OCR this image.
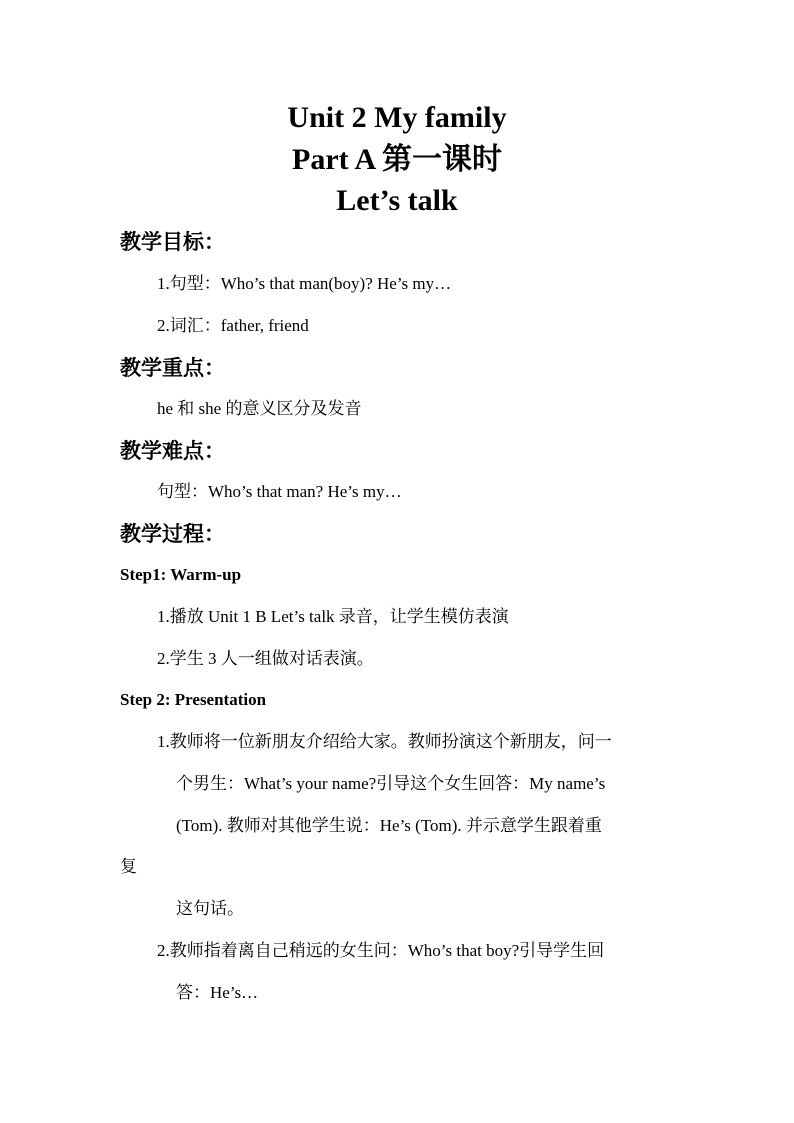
Unit 2 My family
Part A 第一课时
Let’s talk
教学目标：

1.句型：Who’s that man(boy)? He’s my…

2.词汇：father, friend

教学重点：

he 和 she 的意义区分及发音

教学难点：

句型：Who’s that man? He’s my…

教学过程：
Step1: Warm-up

1.播放 Unit 1 B Let’s talk 录音，让学生模仿表演

2.学生 3 人一组做对话表演。

Step 2: Presentation

1.教师将一位新朋友介绍给大家。教师扮演这个新朋友，问一

个男生：What’s your name?引导这个女生回答：My name’s

(Tom). 教师对其他学生说：He’s (Tom). 并示意学生跟着重

复

这句话。

2.教师指着离自己稍远的女生问：Who’s that boy?引导学生回

答：He’s…
